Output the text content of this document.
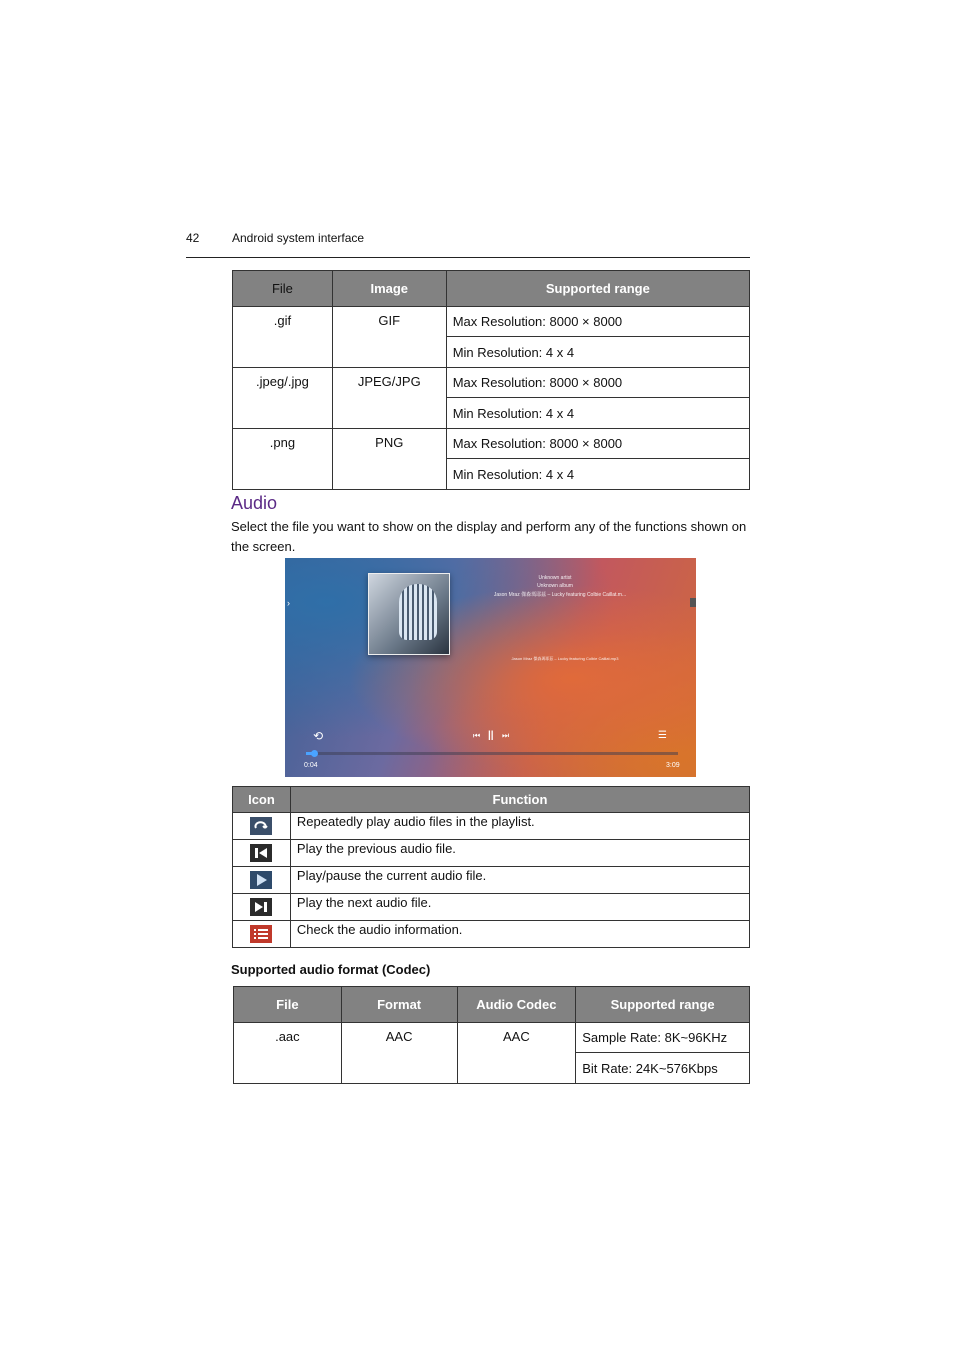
42	Android system interface
File	Image	Supported range
.gif	GIF	Max Resolution: 8000 × 8000
		Min Resolution: 4 x 4
.jpeg/.jpg	JPEG/JPG	Max Resolution: 8000 × 8000
		Min Resolution: 4 x 4
.png	PNG	Max Resolution: 8000 × 8000
		Min Resolution: 4 x 4
Audio
Select the file you want to show on the display and perform any of the functions shown on the screen.
Unknown artist
Unknown album
Jason Mraz 傑森瑪耶茲 – Lucky featuring Colbie Caillat.m...
Jason Mraz 傑森瑪耶茲 – Lucky featuring Colbie Caillat.mp3
›
⟲	⏮ || ⏭	☰
0:04	3:09
Icon	Function

	Repeatedly play audio files in the playlist.

	Play the previous audio file.

	Play/pause the current audio file.

	Play the next audio file.

	Check the audio information.
Supported audio format (Codec)
File	Format	Audio Codec	Supported range
.aac	AAC	AAC	Sample Rate: 8K~96KHz
			Bit Rate: 24K~576Kbps
